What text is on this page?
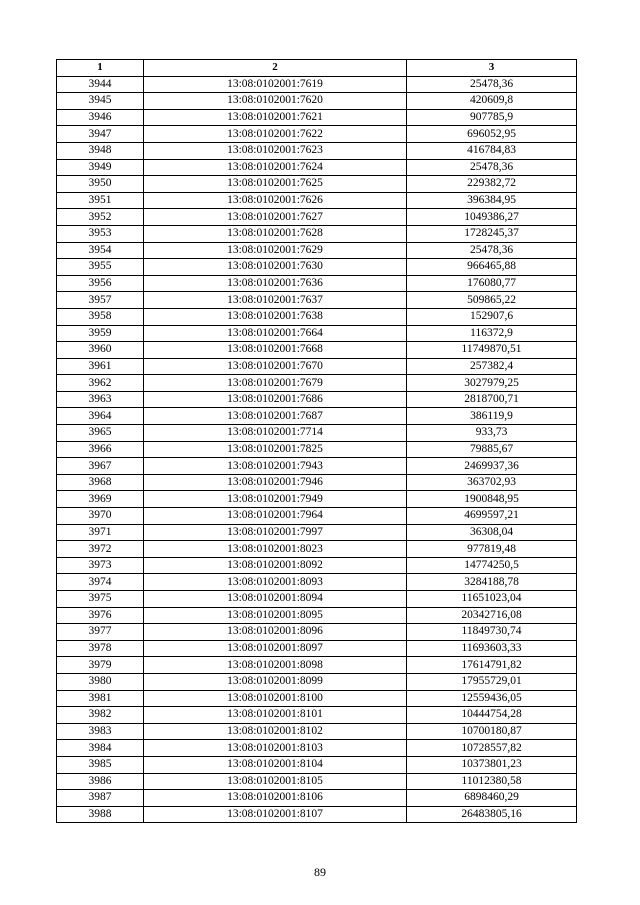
1	2	3
3944	13:08:0102001:7619	25478,36
3945	13:08:0102001:7620	420609,8
3946	13:08:0102001:7621	907785,9
3947	13:08:0102001:7622	696052,95
3948	13:08:0102001:7623	416784,83
3949	13:08:0102001:7624	25478,36
3950	13:08:0102001:7625	229382,72
3951	13:08:0102001:7626	396384,95
3952	13:08:0102001:7627	1049386,27
3953	13:08:0102001:7628	1728245,37
3954	13:08:0102001:7629	25478,36
3955	13:08:0102001:7630	966465,88
3956	13:08:0102001:7636	176080,77
3957	13:08:0102001:7637	509865,22
3958	13:08:0102001:7638	152907,6
3959	13:08:0102001:7664	116372,9
3960	13:08:0102001:7668	11749870,51
3961	13:08:0102001:7670	257382,4
3962	13:08:0102001:7679	3027979,25
3963	13:08:0102001:7686	2818700,71
3964	13:08:0102001:7687	386119,9
3965	13:08:0102001:7714	933,73
3966	13:08:0102001:7825	79885,67
3967	13:08:0102001:7943	2469937,36
3968	13:08:0102001:7946	363702,93
3969	13:08:0102001:7949	1900848,95
3970	13:08:0102001:7964	4699597,21
3971	13:08:0102001:7997	36308,04
3972	13:08:0102001:8023	977819,48
3973	13:08:0102001:8092	14774250,5
3974	13:08:0102001:8093	3284188,78
3975	13:08:0102001:8094	11651023,04
3976	13:08:0102001:8095	20342716,08
3977	13:08:0102001:8096	11849730,74
3978	13:08:0102001:8097	11693603,33
3979	13:08:0102001:8098	17614791,82
3980	13:08:0102001:8099	17955729,01
3981	13:08:0102001:8100	12559436,05
3982	13:08:0102001:8101	10444754,28
3983	13:08:0102001:8102	10700180,87
3984	13:08:0102001:8103	10728557,82
3985	13:08:0102001:8104	10373801,23
3986	13:08:0102001:8105	11012380,58
3987	13:08:0102001:8106	6898460,29
3988	13:08:0102001:8107	26483805,16
89
